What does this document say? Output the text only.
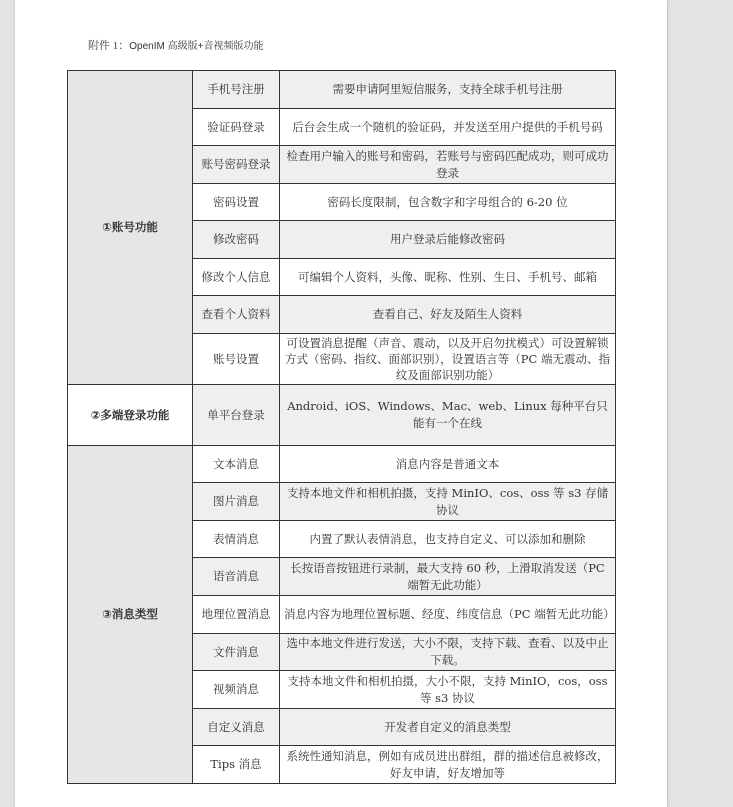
附件 1：OpenIM 高级版+音视频版功能
①账号功能	手机号注册	需要申请阿里短信服务，支持全球手机号注册
	验证码登录	后台会生成一个随机的验证码，并发送至用户提供的手机号码
	账号密码登录	检查用户输入的账号和密码，若账号与密码匹配成功，则可成功登录
	密码设置	密码长度限制，包含数字和字母组合的 6-20 位
	修改密码	用户登录后能修改密码
	修改个人信息	可编辑个人资料，头像、昵称、性别、生日、手机号、邮箱
	查看个人资料	查看自己、好友及陌生人资料
	账号设置	可设置消息提醒（声音、震动，以及开启勿扰模式）可设置解锁方式（密码、指纹、面部识别），设置语言等（PC 端无震动、指纹及面部识别功能）
②多端登录功能	单平台登录	Android、iOS、Windows、Mac、web、Linux 每种平台只能有一个在线
③消息类型	文本消息	消息内容是普通文本
	图片消息	支持本地文件和相机拍摄，支持 MinIO、cos、oss 等 s3 存储协议
	表情消息	内置了默认表情消息，也支持自定义、可以添加和删除
	语音消息	长按语音按钮进行录制，最大支持 60 秒，上滑取消发送（PC 端暂无此功能）
	地理位置消息	消息内容为地理位置标题、经度、纬度信息（PC 端暂无此功能）
	文件消息	选中本地文件进行发送，大小不限，支持下载、查看、以及中止下载。
	视频消息	支持本地文件和相机拍摄，大小不限，支持 MinIO，cos，oss 等 s3 协议
	自定义消息	开发者自定义的消息类型
	Tips 消息	系统性通知消息，例如有成员进出群组，群的描述信息被修改，好友申请，好友增加等
